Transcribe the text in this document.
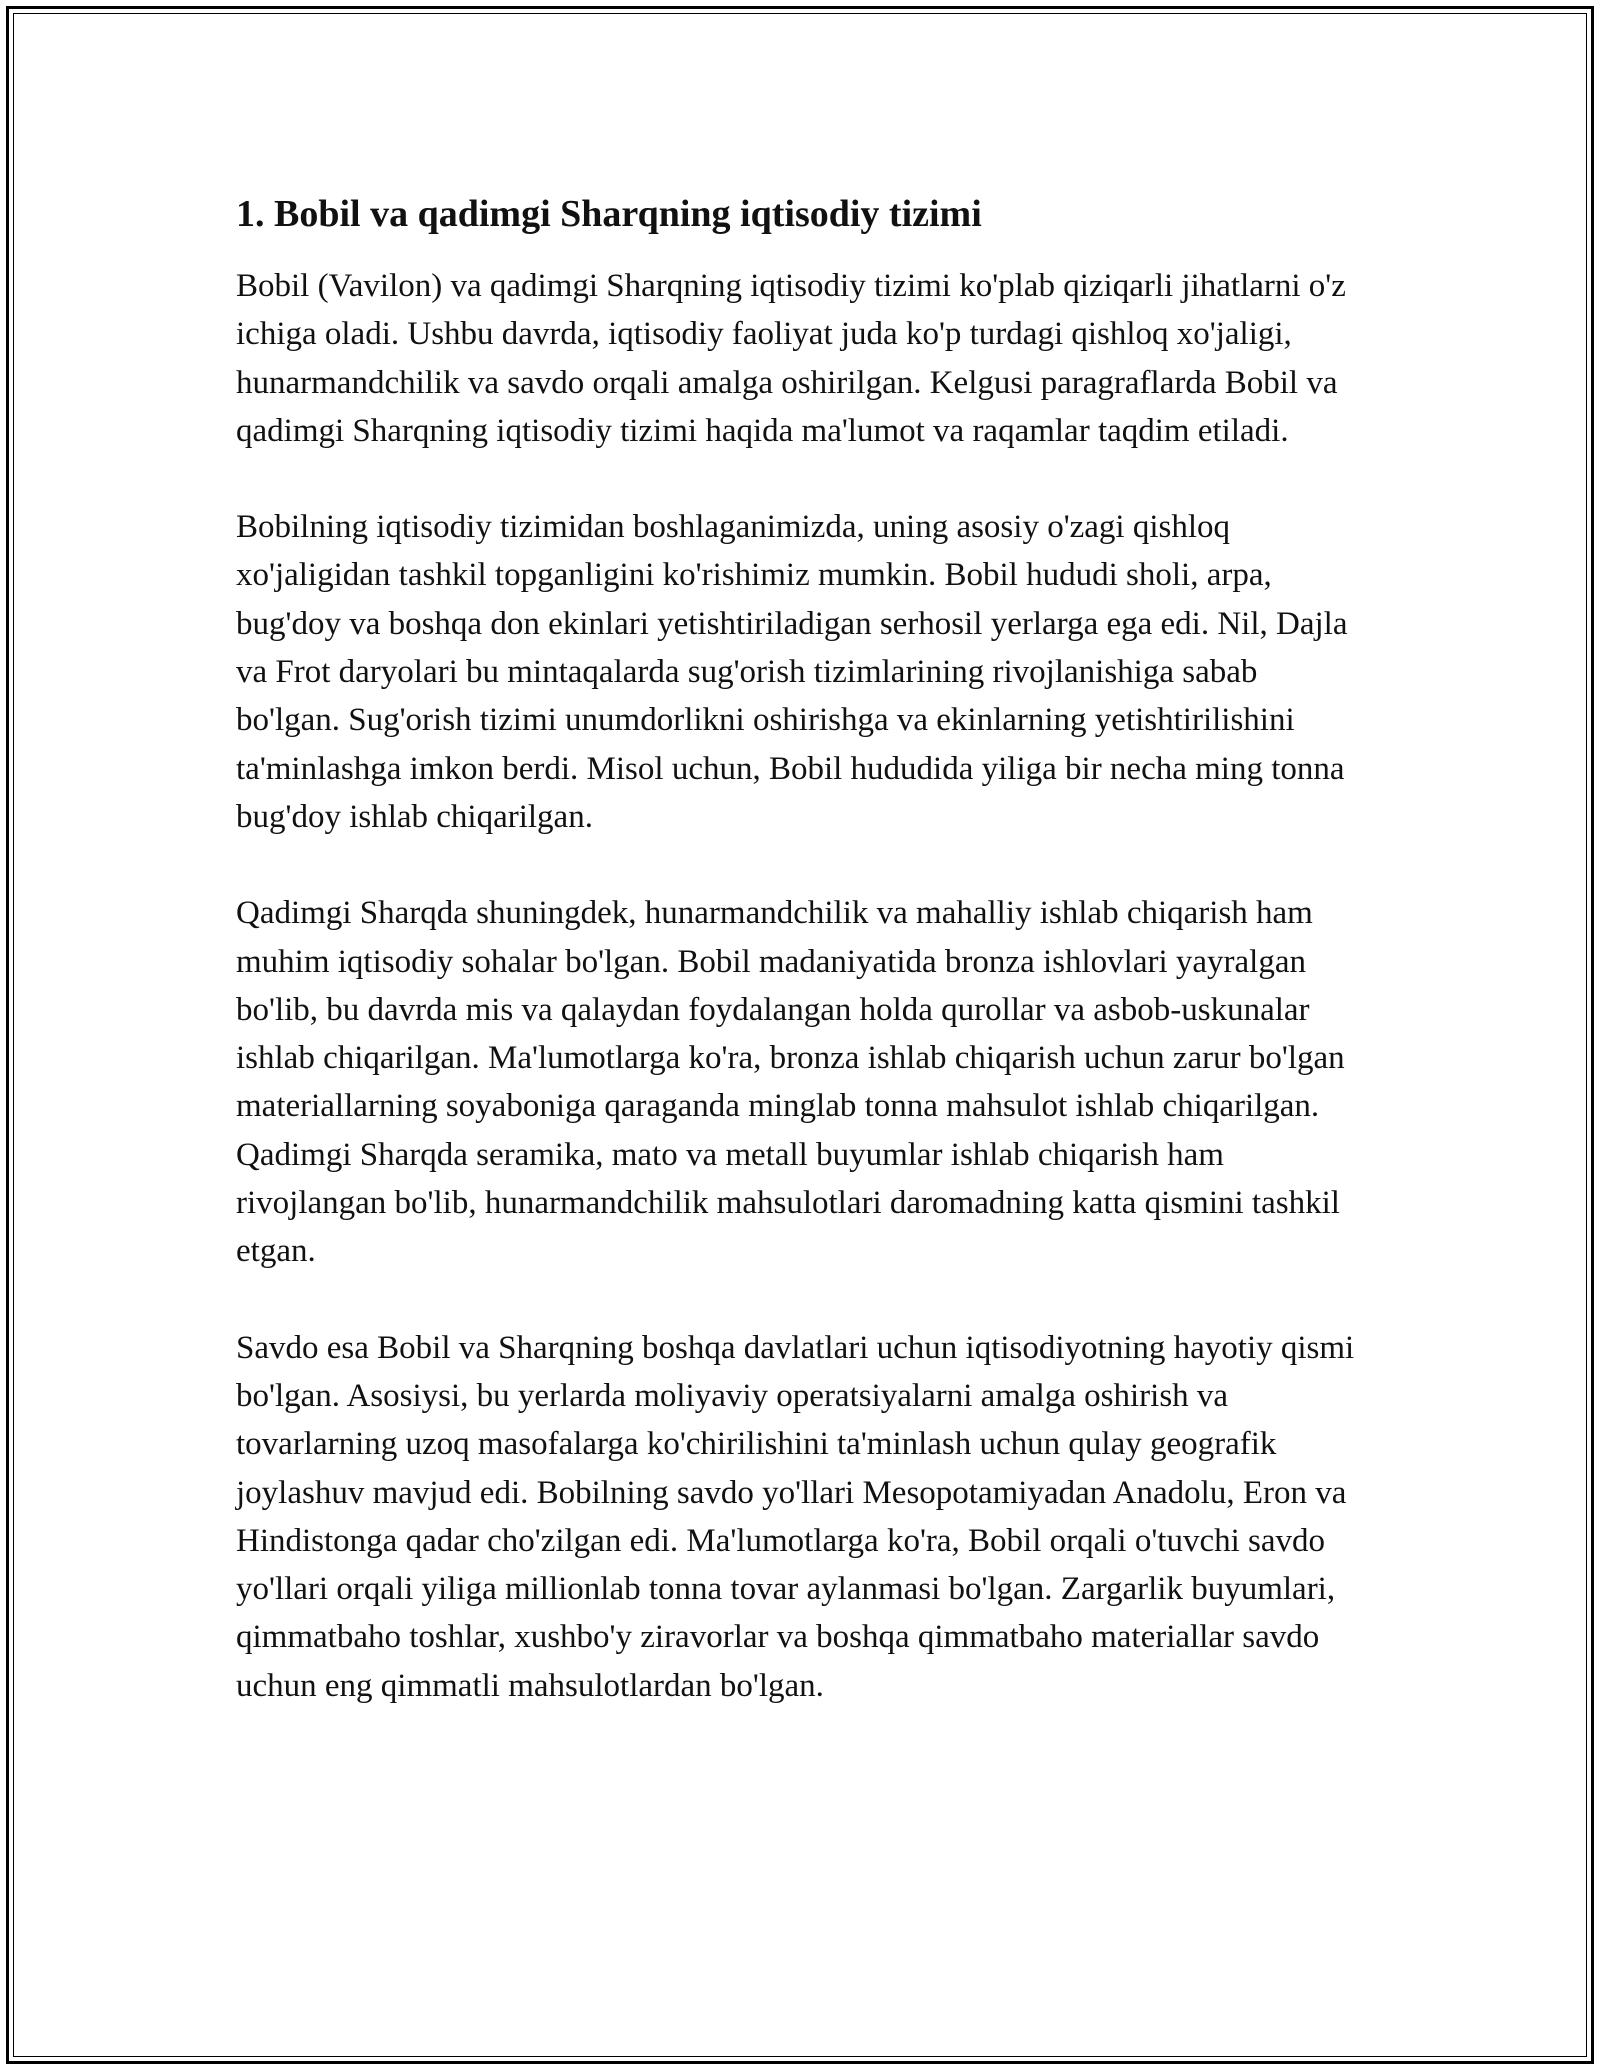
1. Bobil va qadimgi Sharqning iqtisodiy tizimi

Bobil (Vavilon) va qadimgi Sharqning iqtisodiy tizimi ko'plab qiziqarli jihatlarni o'z ichiga oladi. Ushbu davrda, iqtisodiy faoliyat juda ko'p turdagi qishloq xo'jaligi, hunarmandchilik va savdo orqali amalga oshirilgan. Kelgusi paragraflarda Bobil va qadimgi Sharqning iqtisodiy tizimi haqida ma'lumot va raqamlar taqdim etiladi.

Bobilning iqtisodiy tizimidan boshlaganimizda, uning asosiy o'zagi qishloq xo'jaligidan tashkil topganligini ko'rishimiz mumkin. Bobil hududi sholi, arpa, bug'doy va boshqa don ekinlari yetishtiriladigan serhosil yerlarga ega edi. Nil, Dajla va Frot daryolari bu mintaqalarda sug'orish tizimlarining rivojlanishiga sabab bo'lgan. Sug'orish tizimi unumdorlikni oshirishga va ekinlarning yetishtirilishini ta'minlashga imkon berdi. Misol uchun, Bobil hududida yiliga bir necha ming tonna bug'doy ishlab chiqarilgan.

Qadimgi Sharqda shuningdek, hunarmandchilik va mahalliy ishlab chiqarish ham muhim iqtisodiy sohalar bo'lgan. Bobil madaniyatida bronza ishlovlari yayralgan bo'lib, bu davrda mis va qalaydan foydalangan holda qurollar va asbob-uskunalar ishlab chiqarilgan. Ma'lumotlarga ko'ra, bronza ishlab chiqarish uchun zarur bo'lgan materiallarning soyaboniga qaraganda minglab tonna mahsulot ishlab chiqarilgan. Qadimgi Sharqda seramika, mato va metall buyumlar ishlab chiqarish ham rivojlangan bo'lib, hunarmandchilik mahsulotlari daromadning katta qismini tashkil etgan.

Savdo esa Bobil va Sharqning boshqa davlatlari uchun iqtisodiyotning hayotiy qismi bo'lgan. Asosiysi, bu yerlarda moliyaviy operatsiyalarni amalga oshirish va tovarlarning uzoq masofalarga ko'chirilishini ta'minlash uchun qulay geografik joylashuv mavjud edi. Bobilning savdo yo'llari Mesopotamiyadan Anadolu, Eron va Hindistonga qadar cho'zilgan edi. Ma'lumotlarga ko'ra, Bobil orqali o'tuvchi savdo yo'llari orqali yiliga millionlab tonna tovar aylanmasi bo'lgan. Zargarlik buyumlari, qimmatbaho toshlar, xushbo'y ziravorlar va boshqa qimmatbaho materiallar savdo uchun eng qimmatli mahsulotlardan bo'lgan.
